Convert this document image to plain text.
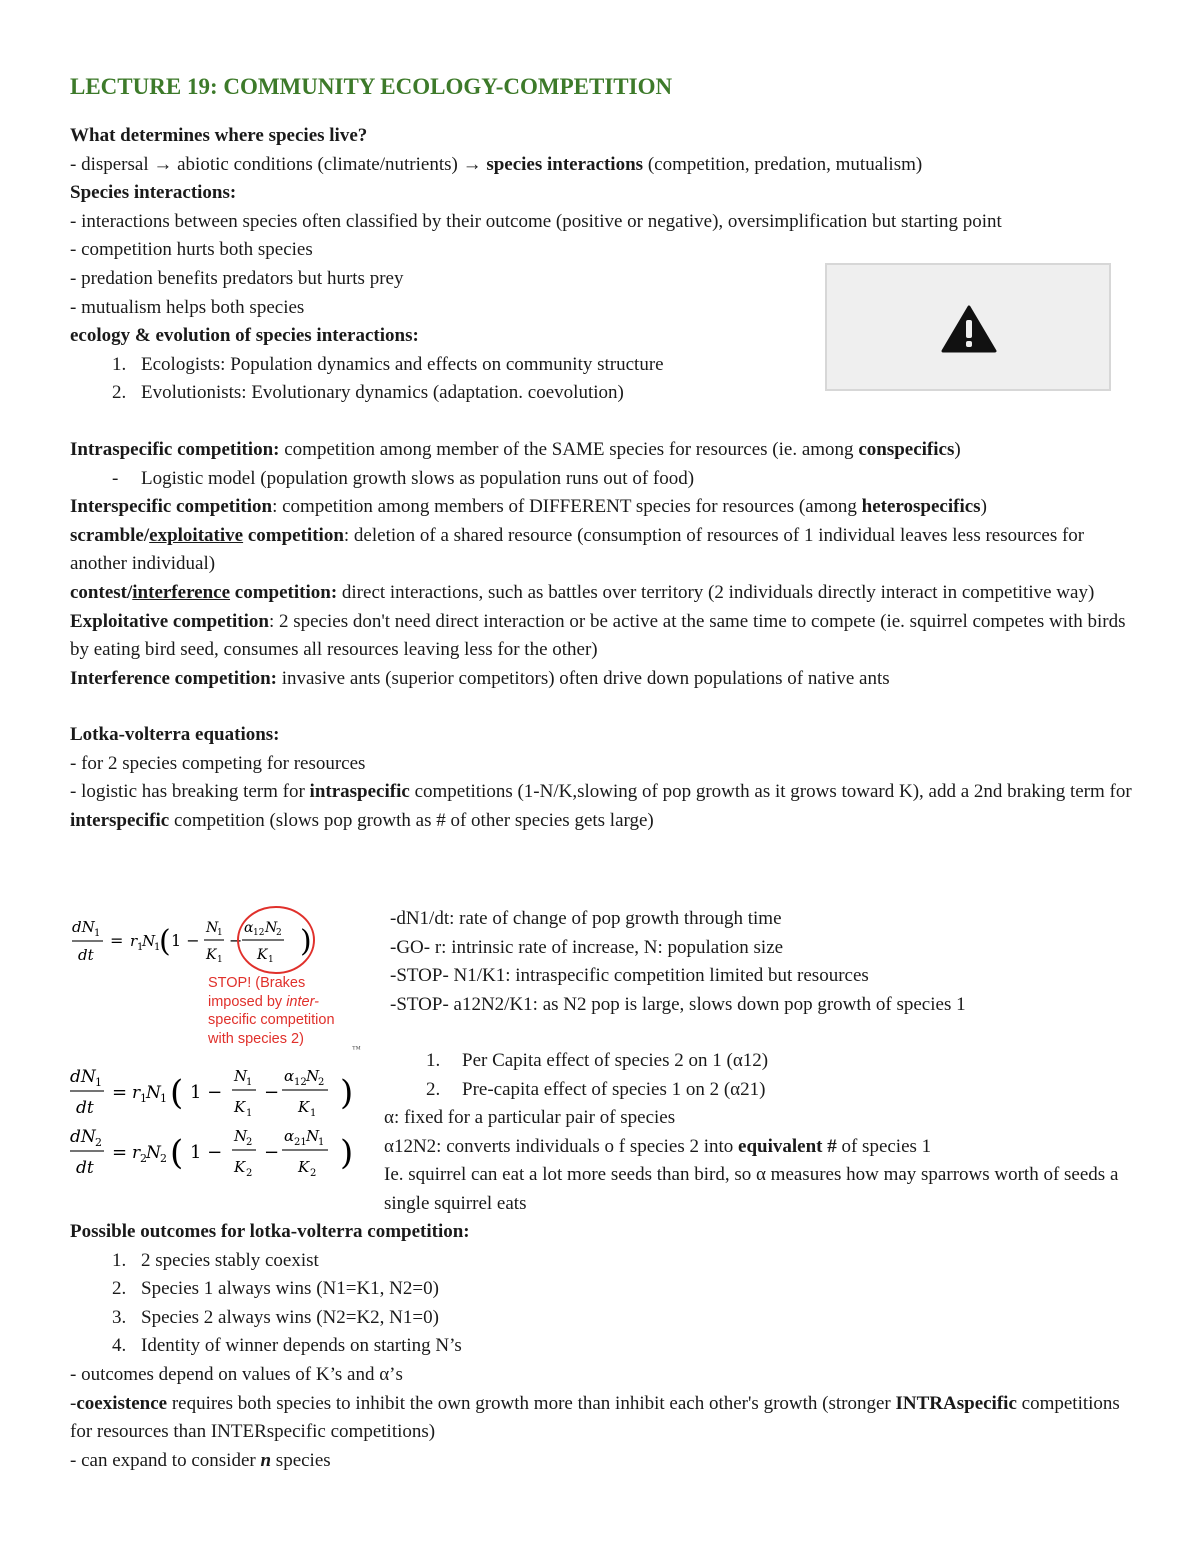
LECTURE 19: COMMUNITY ECOLOGY-COMPETITION
What determines where species live?
- dispersal → abiotic conditions (climate/nutrients) → species interactions (competition, predation, mutualism)
Species interactions:
- interactions between species often classified by their outcome (positive or negative), oversimplification but starting point
- competition hurts both species
- predation benefits predators but hurts prey
- mutualism helps both species
ecology & evolution of species interactions:
1. Ecologists: Population dynamics and effects on community structure
2. Evolutionists: Evolutionary dynamics (adaptation. coevolution)
Intraspecific competition: competition among member of the SAME species for resources (ie. among conspecifics)
- Logistic model (population growth slows as population runs out of food)
Interspecific competition: competition among members of DIFFERENT species for resources (among heterospecifics)
scramble/exploitative competition: deletion of a shared resource (consumption of resources of 1 individual leaves less resources for another individual)
contest/interference competition: direct interactions, such as battles over territory (2 individuals directly interact in competitive way)
Exploitative competition: 2 species don't need direct interaction or be active at the same time to compete (ie. squirrel competes with birds by eating bird seed, consumes all resources leaving less for the other)
Interference competition: invasive ants (superior competitors) often drive down populations of native ants
Lotka-volterra equations:
- for 2 species competing for resources
- logistic has breaking term for intraspecific competitions (1-N/K,slowing of pop growth as it grows toward K), add a 2nd braking term for interspecific competition (slows pop growth as # of other species gets large)
dN 1
dt
= r 1
N
1
( 1 −
N
1
K 1
−
α 12 N
2
K 1
)
STOP! (Brakes
imposed by inter-
specific competition
with species 2)
™
dN 1
dt
= r 1 N 1 ( 1 −
N
1
K 1
−
α 12 N
2
K 1
)
dN 2
dt
= r 2 N 2 ( 1 −
N
2
K 2
−
α 21 N
1
K 2
)
-dN1/dt: rate of change of pop growth through time
-GO- r: intrinsic rate of increase, N: population size
-STOP- N1/K1: intraspecific competition limited but resources
-STOP- a12N2/K1: as N2 pop is large, slows down pop growth of species 1
1. Per Capita effect of species 2 on 1 (α12)
2. Pre-capita effect of species 1 on 2 (α21)
α: fixed for a particular pair of species
α12N2: converts individuals o f species 2 into equivalent # of species 1
Ie. squirrel can eat a lot more seeds than bird, so α measures how may sparrows worth of seeds a single squirrel eats
Possible outcomes for lotka-volterra competition:
1. 2 species stably coexist
2. Species 1 always wins (N1=K1, N2=0)
3. Species 2 always wins (N2=K2, N1=0)
4. Identity of winner depends on starting N’s
- outcomes depend on values of K’s and α’s
-coexistence requires both species to inhibit the own growth more than inhibit each other's growth (stronger INTRAspecific competitions for resources than INTERspecific competitions)
- can expand to consider n species
